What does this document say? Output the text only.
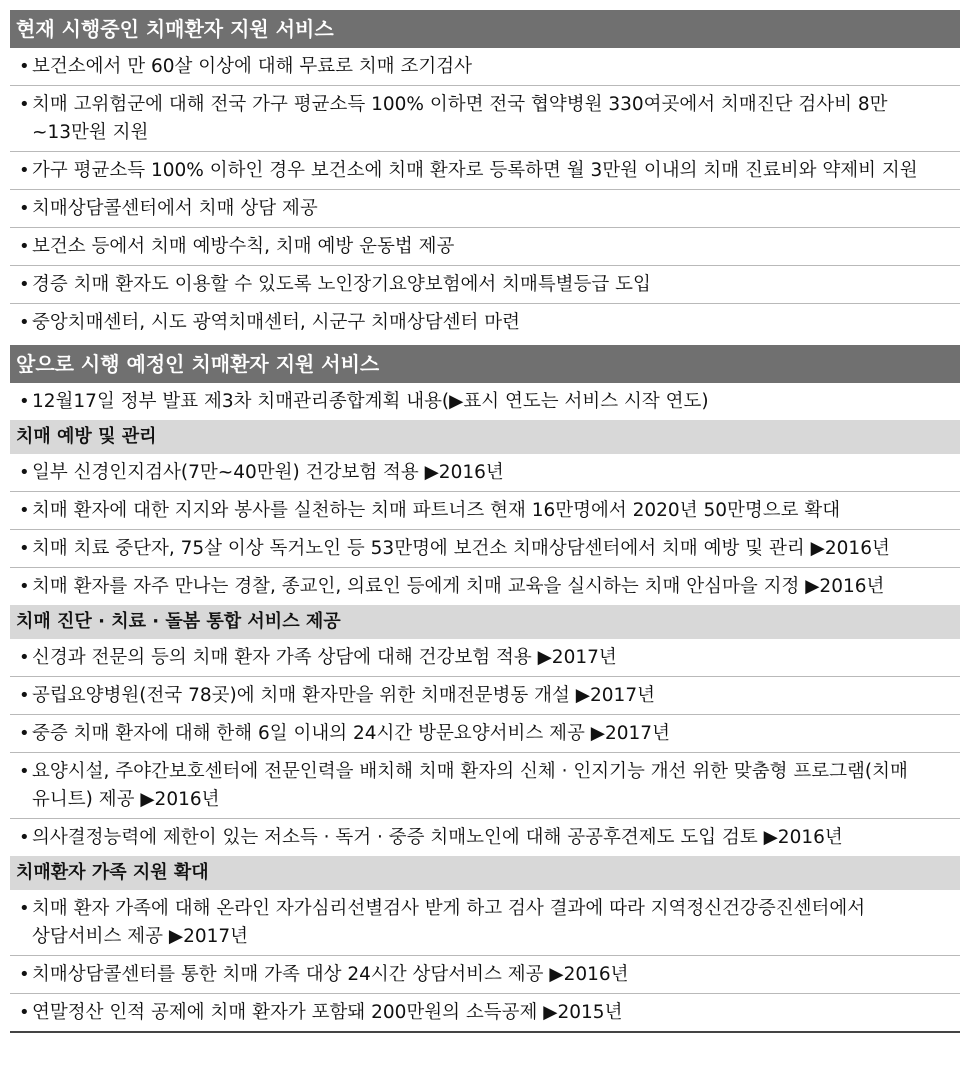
현재 시행중인 치매환자 지원 서비스
• 보건소에서 만 60살 이상에 대해 무료로 치매 조기검사
• 치매 고위험군에 대해 전국 가구 평균소득 100% 이하면 전국 협약병원 330여곳에서 치매진단 검사비 8만~13만원 지원
• 가구 평균소득 100% 이하인 경우 보건소에 치매 환자로 등록하면 월 3만원 이내의 치매 진료비와 약제비 지원
• 치매상담콜센터에서 치매 상담 제공
• 보건소 등에서 치매 예방수칙, 치매 예방 운동법 제공
• 경증 치매 환자도 이용할 수 있도록 노인장기요양보험에서 치매특별등급 도입
• 중앙치매센터, 시도 광역치매센터, 시군구 치매상담센터 마련
앞으로 시행 예정인 치매환자 지원 서비스
• 12월17일 정부 발표 제3차 치매관리종합계획 내용(▶표시 연도는 서비스 시작 연도)
치매 예방 및 관리
• 일부 신경인지검사(7만~40만원) 건강보험 적용 ▶2016년
• 치매 환자에 대한 지지와 봉사를 실천하는 치매 파트너즈 현재 16만명에서 2020년 50만명으로 확대
• 치매 치료 중단자, 75살 이상 독거노인 등 53만명에 보건소 치매상담센터에서 치매 예방 및 관리 ▶2016년
• 치매 환자를 자주 만나는 경찰, 종교인, 의료인 등에게 치매 교육을 실시하는 치매 안심마을 지정 ▶2016년
치매 진단 · 치료 · 돌봄 통합 서비스 제공
• 신경과 전문의 등의 치매 환자 가족 상담에 대해 건강보험 적용 ▶2017년
• 공립요양병원(전국 78곳)에 치매 환자만을 위한 치매전문병동 개설 ▶2017년
• 중증 치매 환자에 대해 한해 6일 이내의 24시간 방문요양서비스 제공 ▶2017년
• 요양시설, 주야간보호센터에 전문인력을 배치해 치매 환자의 신체 · 인지기능 개선 위한 맞춤형 프로그램(치매 유니트) 제공 ▶2016년
• 의사결정능력에 제한이 있는 저소득 · 독거 · 중증 치매노인에 대해 공공후견제도 도입 검토 ▶2016년
치매환자 가족 지원 확대
• 치매 환자 가족에 대해 온라인 자가심리선별검사 받게 하고 검사 결과에 따라 지역정신건강증진센터에서 상담서비스 제공 ▶2017년
• 치매상담콜센터를 통한 치매 가족 대상 24시간 상담서비스 제공 ▶2016년
• 연말정산 인적 공제에 치매 환자가 포함돼 200만원의 소득공제 ▶2015년
